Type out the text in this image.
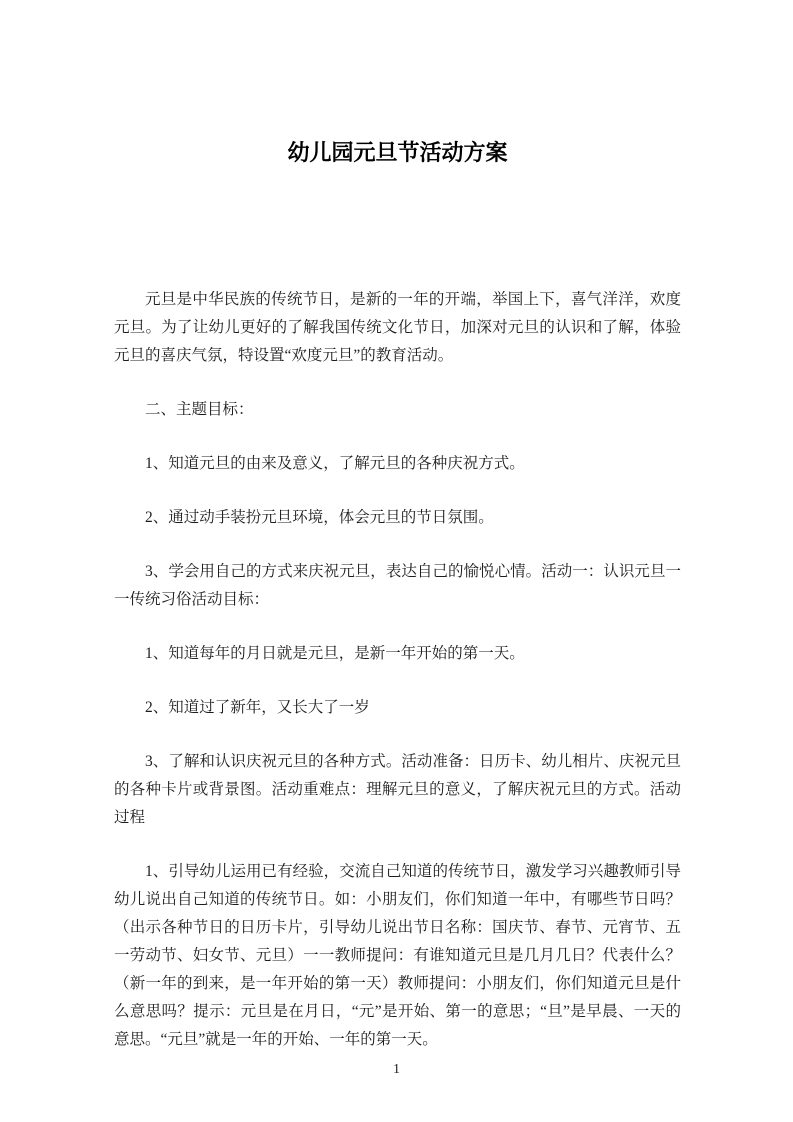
幼儿园元旦节活动方案

元旦是中华民族的传统节日，是新的一年的开端，举国上下，喜气洋洋，欢度元旦。为了让幼儿更好的了解我国传统文化节日，加深对元旦的认识和了解，体验元旦的喜庆气氛，特设置“欢度元旦”的教育活动。

二、主题目标：

1、知道元旦的由来及意义，了解元旦的各种庆祝方式。

2、通过动手装扮元旦环境，体会元旦的节日氛围。

3、学会用自己的方式来庆祝元旦，表达自己的愉悦心情。活动一：认识元旦一一传统习俗活动目标：

1、知道每年的月日就是元旦，是新一年开始的第一天。

2、知道过了新年，又长大了一岁

3、了解和认识庆祝元旦的各种方式。活动准备：日历卡、幼儿相片、庆祝元旦的各种卡片或背景图。活动重难点：理解元旦的意义，了解庆祝元旦的方式。活动过程

1、引导幼儿运用已有经验，交流自己知道的传统节日，激发学习兴趣教师引导幼儿说出自己知道的传统节日。如：小朋友们，你们知道一年中，有哪些节日吗？（出示各种节日的日历卡片，引导幼儿说出节日名称：国庆节、春节、元宵节、五一劳动节、妇女节、元旦）一一教师提问：有谁知道元旦是几月几日？代表什么？（新一年的到来，是一年开始的第一天）教师提问：小朋友们，你们知道元旦是什么意思吗？提示：元旦是在月日，“元”是开始、第一的意思；“旦”是早晨、一天的意思。“元旦”就是一年的开始、一年的第一天。

1
